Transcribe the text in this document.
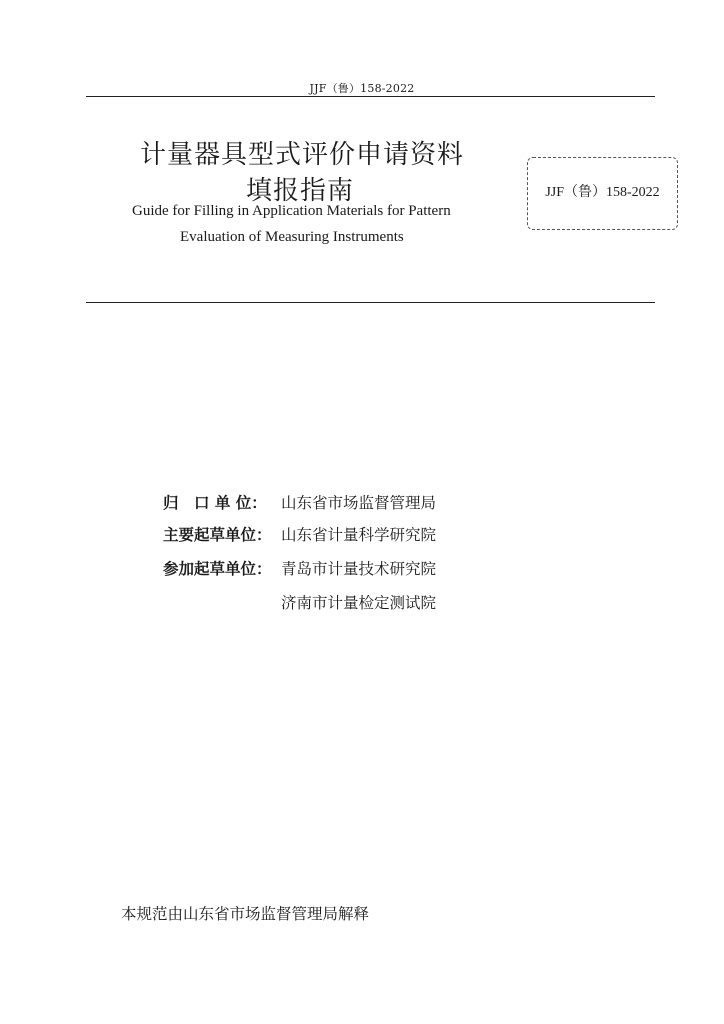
JJF（鲁）158-2022
计量器具型式评价申请资料
填报指南
Guide for Filling in Application Materials for Pattern
Evaluation of Measuring Instruments
JJF（鲁）158-2022
归　口 单 位： 山东省市场监督管理局
主要起草单位： 山东省计量科学研究院
参加起草单位： 青岛市计量技术研究院
济南市计量检定测试院
本规范由山东省市场监督管理局解释
